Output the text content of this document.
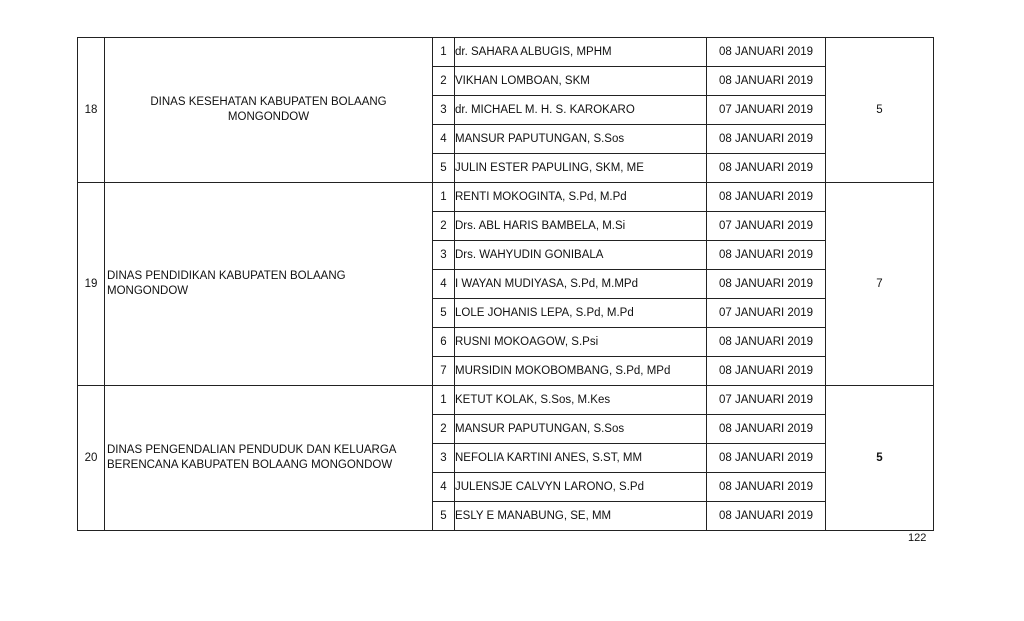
18	DINAS KESEHATAN KABUPATEN BOLAANG MONGONDOW	1	dr. SAHARA ALBUGIS, MPHM	08 JANUARI 2019	5
		2	VIKHAN LOMBOAN, SKM	08 JANUARI 2019	
		3	dr. MICHAEL M. H. S. KAROKARO	07 JANUARI 2019	
		4	MANSUR PAPUTUNGAN, S.Sos	08 JANUARI 2019	
		5	JULIN ESTER PAPULING, SKM, ME	08 JANUARI 2019	
19	DINAS PENDIDIKAN KABUPATEN BOLAANG MONGONDOW	1	RENTI MOKOGINTA, S.Pd, M.Pd	08 JANUARI 2019	7
		2	Drs. ABL HARIS BAMBELA, M.Si	07 JANUARI 2019	
		3	Drs. WAHYUDIN GONIBALA	08 JANUARI 2019	
		4	I WAYAN MUDIYASA, S.Pd, M.MPd	08 JANUARI 2019	
		5	LOLE JOHANIS LEPA, S.Pd, M.Pd	07 JANUARI 2019	
		6	RUSNI MOKOAGOW, S.Psi	08 JANUARI 2019	
		7	MURSIDIN MOKOBOMBANG, S.Pd, MPd	08 JANUARI 2019	
20	DINAS PENGENDALIAN PENDUDUK DAN KELUARGA BERENCANA KABUPATEN BOLAANG MONGONDOW	1	KETUT KOLAK, S.Sos, M.Kes	07 JANUARI 2019	5
		2	MANSUR PAPUTUNGAN, S.Sos	08 JANUARI 2019	
		3	NEFOLIA KARTINI ANES, S.ST, MM	08 JANUARI 2019	
		4	JULENSJE CALVYN LARONO, S.Pd	08 JANUARI 2019	
		5	ESLY E MANABUNG, SE, MM	08 JANUARI 2019	
122
